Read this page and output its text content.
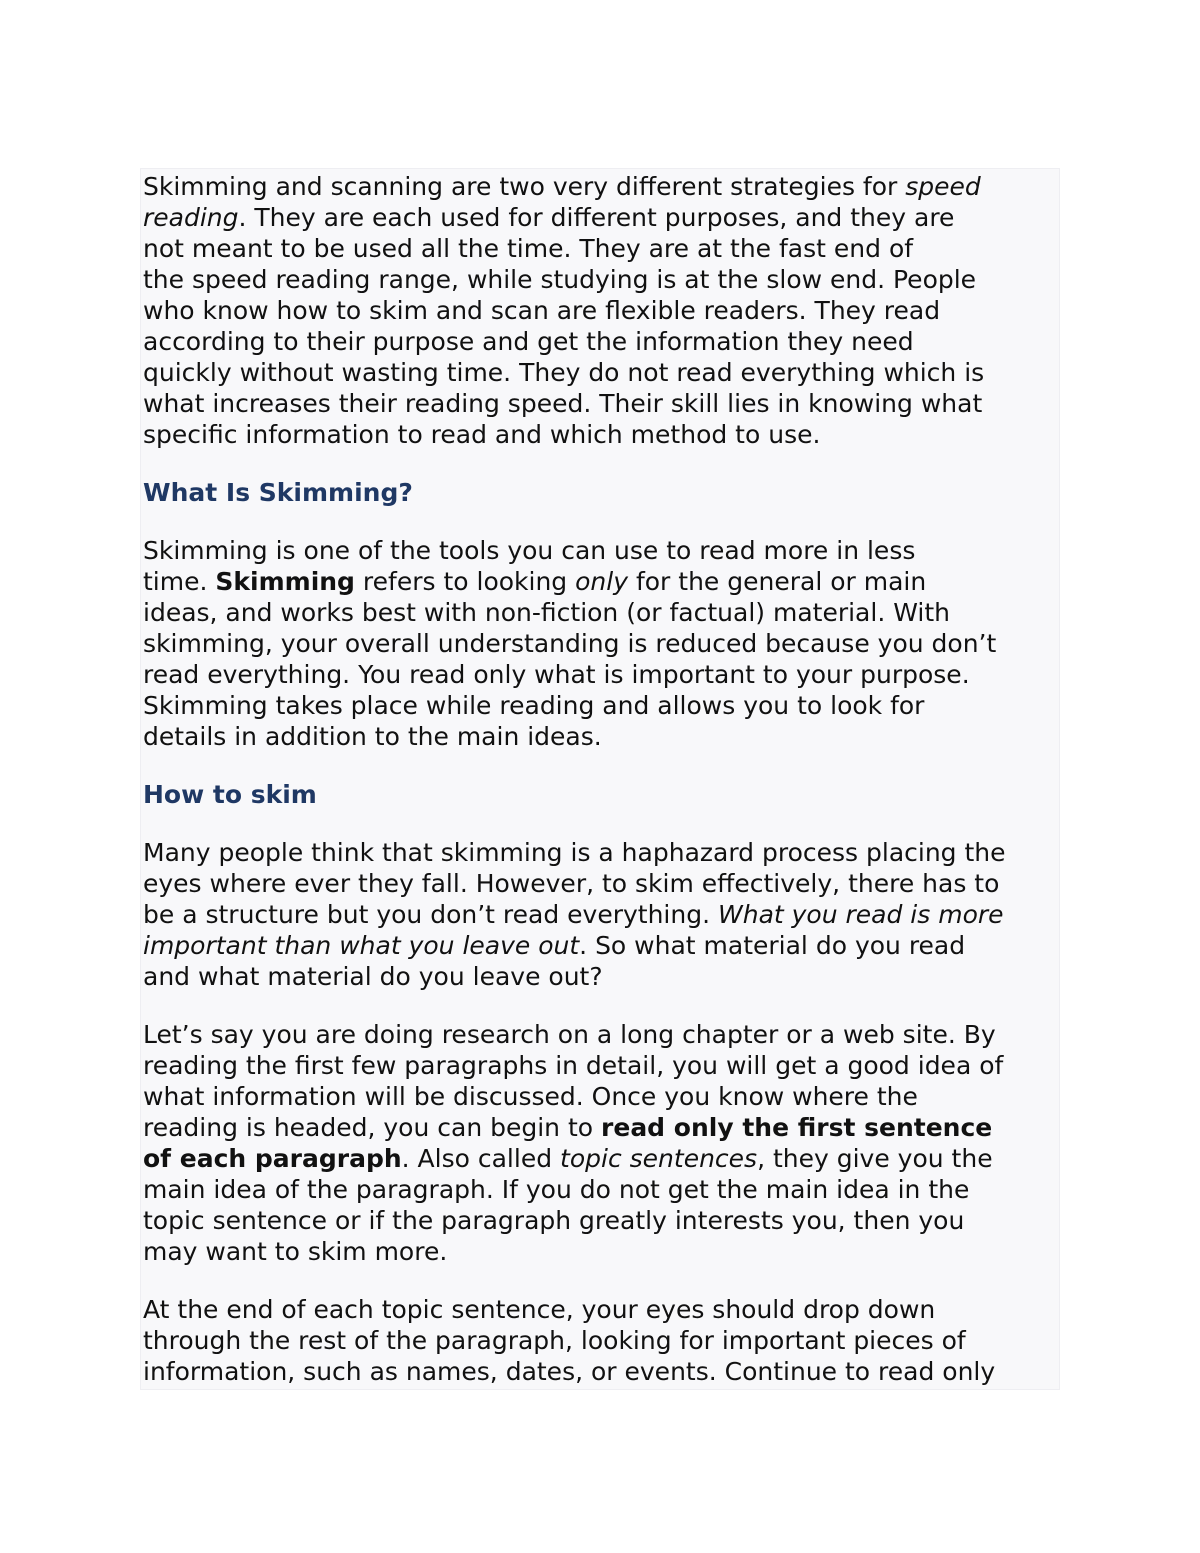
Skimming and scanning are two very different strategies for speed
reading. They are each used for different purposes, and they are
not meant to be used all the time. They are at the fast end of
the speed reading range, while studying is at the slow end. People
who know how to skim and scan are flexible readers. They read
according to their purpose and get the information they need
quickly without wasting time. They do not read everything which is
what increases their reading speed. Their skill lies in knowing what
specific information to read and which method to use.
What Is Skimming?
Skimming is one of the tools you can use to read more in less
time. Skimming refers to looking only for the general or main
ideas, and works best with non-fiction (or factual) material. With
skimming, your overall understanding is reduced because you don’t
read everything. You read only what is important to your purpose.
Skimming takes place while reading and allows you to look for
details in addition to the main ideas.
How to skim
Many people think that skimming is a haphazard process placing the
eyes where ever they fall. However, to skim effectively, there has to
be a structure but you don’t read everything. What you read is more
important than what you leave out. So what material do you read
and what material do you leave out?
Let’s say you are doing research on a long chapter or a web site. By
reading the first few paragraphs in detail, you will get a good idea of
what information will be discussed. Once you know where the
reading is headed, you can begin to read only the first sentence
of each paragraph. Also called topic sentences, they give you the
main idea of the paragraph. If you do not get the main idea in the
topic sentence or if the paragraph greatly interests you, then you
may want to skim more.
At the end of each topic sentence, your eyes should drop down
through the rest of the paragraph, looking for important pieces of
information, such as names, dates, or events. Continue to read only
